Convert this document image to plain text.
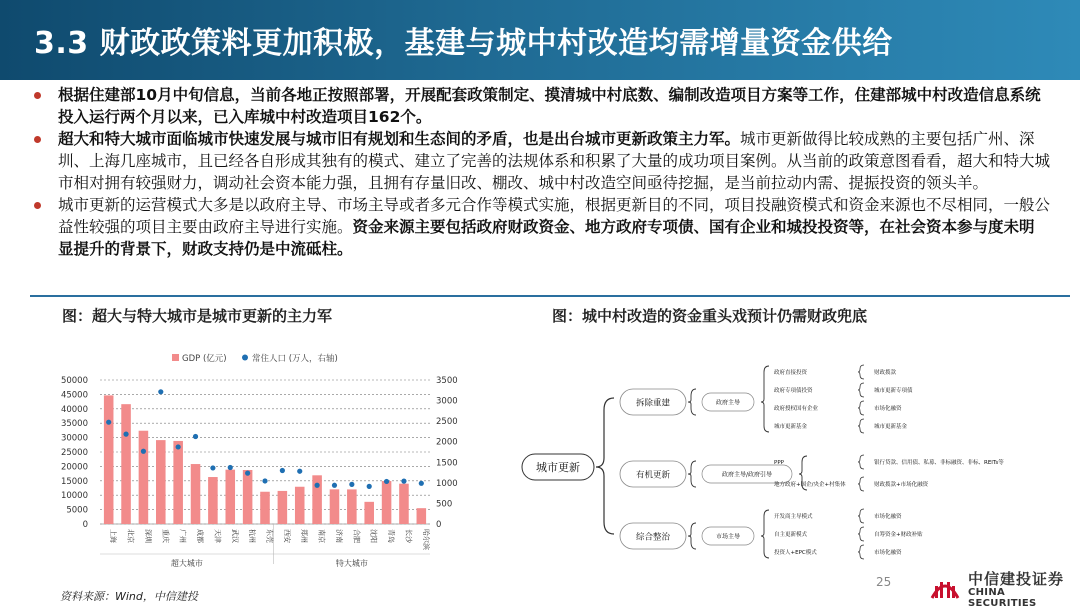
3.3 财政政策料更加积极，基建与城中村改造均需增量资金供给
根据住建部10月中旬信息，当前各地正按照部署，开展配套政策制定、摸清城中村底数、编制改造项目方案等工作，住建部城中村改造信息系统投入运行两个月以来，已入库城中村改造项目162个。
超大和特大城市面临城市快速发展与城市旧有规划和生态间的矛盾，也是出台城市更新政策主力军。城市更新做得比较成熟的主要包括广州、深圳、上海几座城市，且已经各自形成其独有的模式、建立了完善的法规体系和积累了大量的成功项目案例。从当前的政策意图看看，超大和特大城市相对拥有较强财力，调动社会资本能力强，且拥有存量旧改、棚改、城中村改造空间亟待挖掘，是当前拉动内需、提振投资的领头羊。
城市更新的运营模式大多是以政府主导、市场主导或者多元合作等模式实施，根据更新目的不同，项目投融资模式和资金来源也不尽相同，一般公益性较强的项目主要由政府主导进行实施。资金来源主要包括政府财政资金、地方政府专项债、国有企业和城投投资等，在社会资本参与度未明显提升的背景下，财政支持仍是中流砥柱。
图：超大与特大城市是城市更新的主力军	图：城中村改造的资金重头戏预计仍需财政兜底
GDP (亿元)	常住人口 (万人，右轴)
0
5000
10000
15000
20000
25000
30000
35000
40000
45000
50000
0
500
1000
1500
2000
2500
3000
3500
上海 北京 深圳 重庆 广州 成都 天津 武汉 杭州 东莞 西安 郑州 南京 济南 合肥 沈阳 青岛 长沙 哈尔滨
超大城市	特大城市
城市更新
拆除重建	政府主导
政府直接投资
政府专项债投资
政府授权国有企业
城市更新基金
财政拨款
城市更新专项债
市场化融资
城市更新基金
有机更新	政府主导/政府引导
PPP
地方政府+国企/央企+村集体
银行贷款、信用债、私募、非标融资、非标、REITs等
财政拨款+市场化融资
综合整治	市场主导
开发商主导模式
自主更新模式
投资人+EPC模式
市场化融资
自筹资金+财政补贴
市场化融资
资料来源：Wind，中信建投
25	中信建投证券
CHINA SECURITIES
